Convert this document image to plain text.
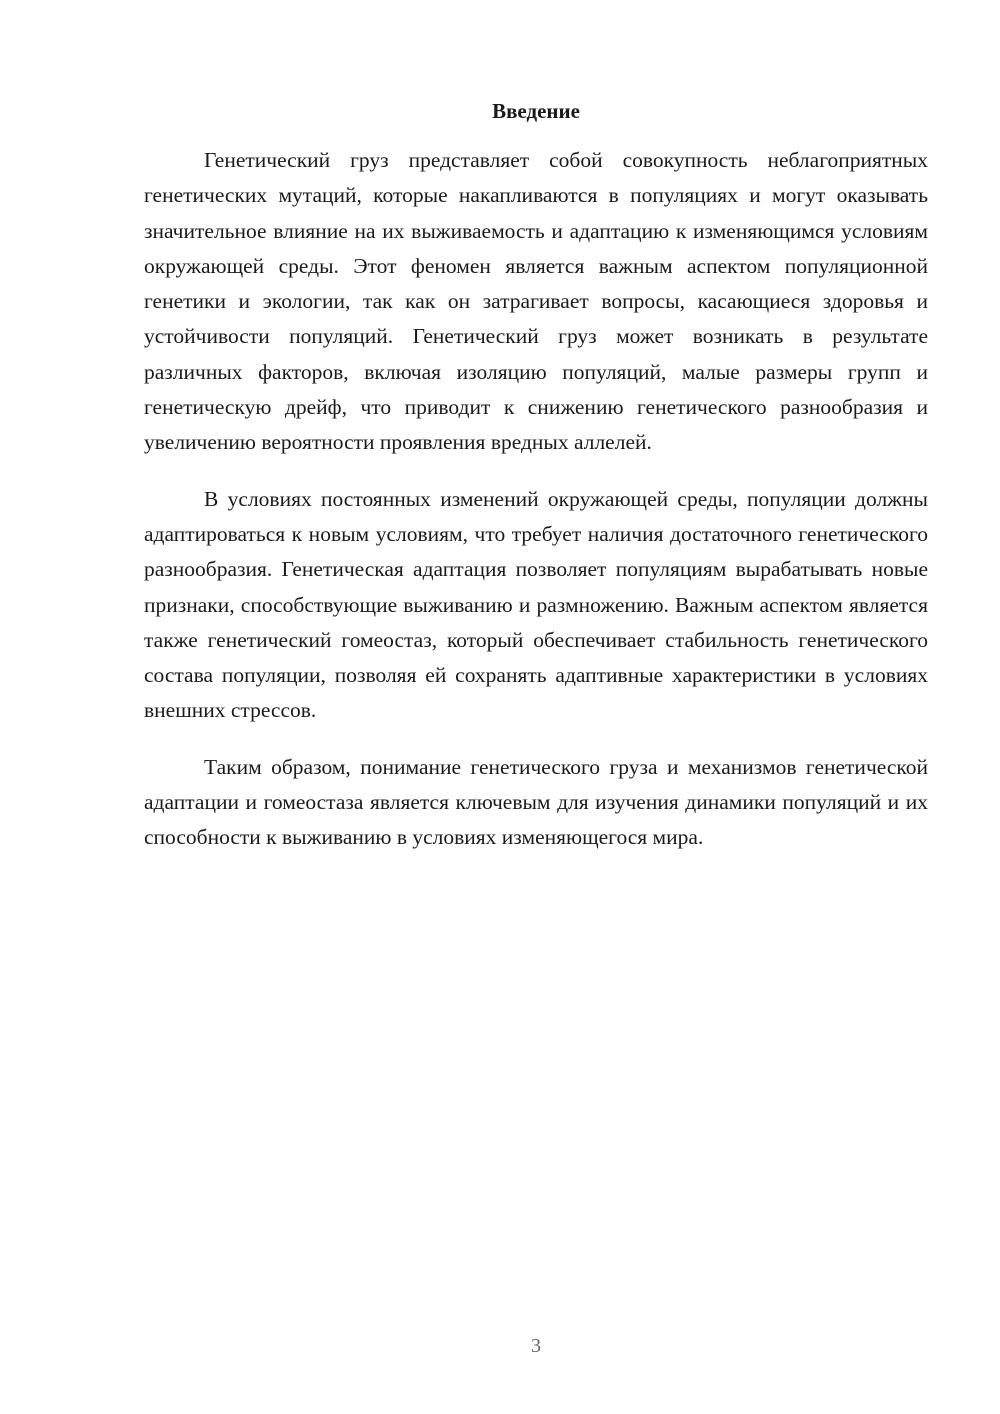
Введение

Генетический груз представляет собой совокупность неблагоприятных генетических мутаций, которые накапливаются в популяциях и могут оказывать значительное влияние на их выживаемость и адаптацию к изменяющимся условиям окружающей среды. Этот феномен является важным аспектом популяционной генетики и экологии, так как он затрагивает вопросы, касающиеся здоровья и устойчивости популяций. Генетический груз может возникать в результате различных факторов, включая изоляцию популяций, малые размеры групп и генетическую дрейф, что приводит к снижению генетического разнообразия и увеличению вероятности проявления вредных аллелей.

В условиях постоянных изменений окружающей среды, популяции должны адаптироваться к новым условиям, что требует наличия достаточного генетического разнообразия. Генетическая адаптация позволяет популяциям вырабатывать новые признаки, способствующие выживанию и размножению. Важным аспектом является также генетический гомеостаз, который обеспечивает стабильность генетического состава популяции, позволяя ей сохранять адаптивные характеристики в условиях внешних стрессов.

Таким образом, понимание генетического груза и механизмов генетической адаптации и гомеостаза является ключевым для изучения динамики популяций и их способности к выживанию в условиях изменяющегося мира.

3
